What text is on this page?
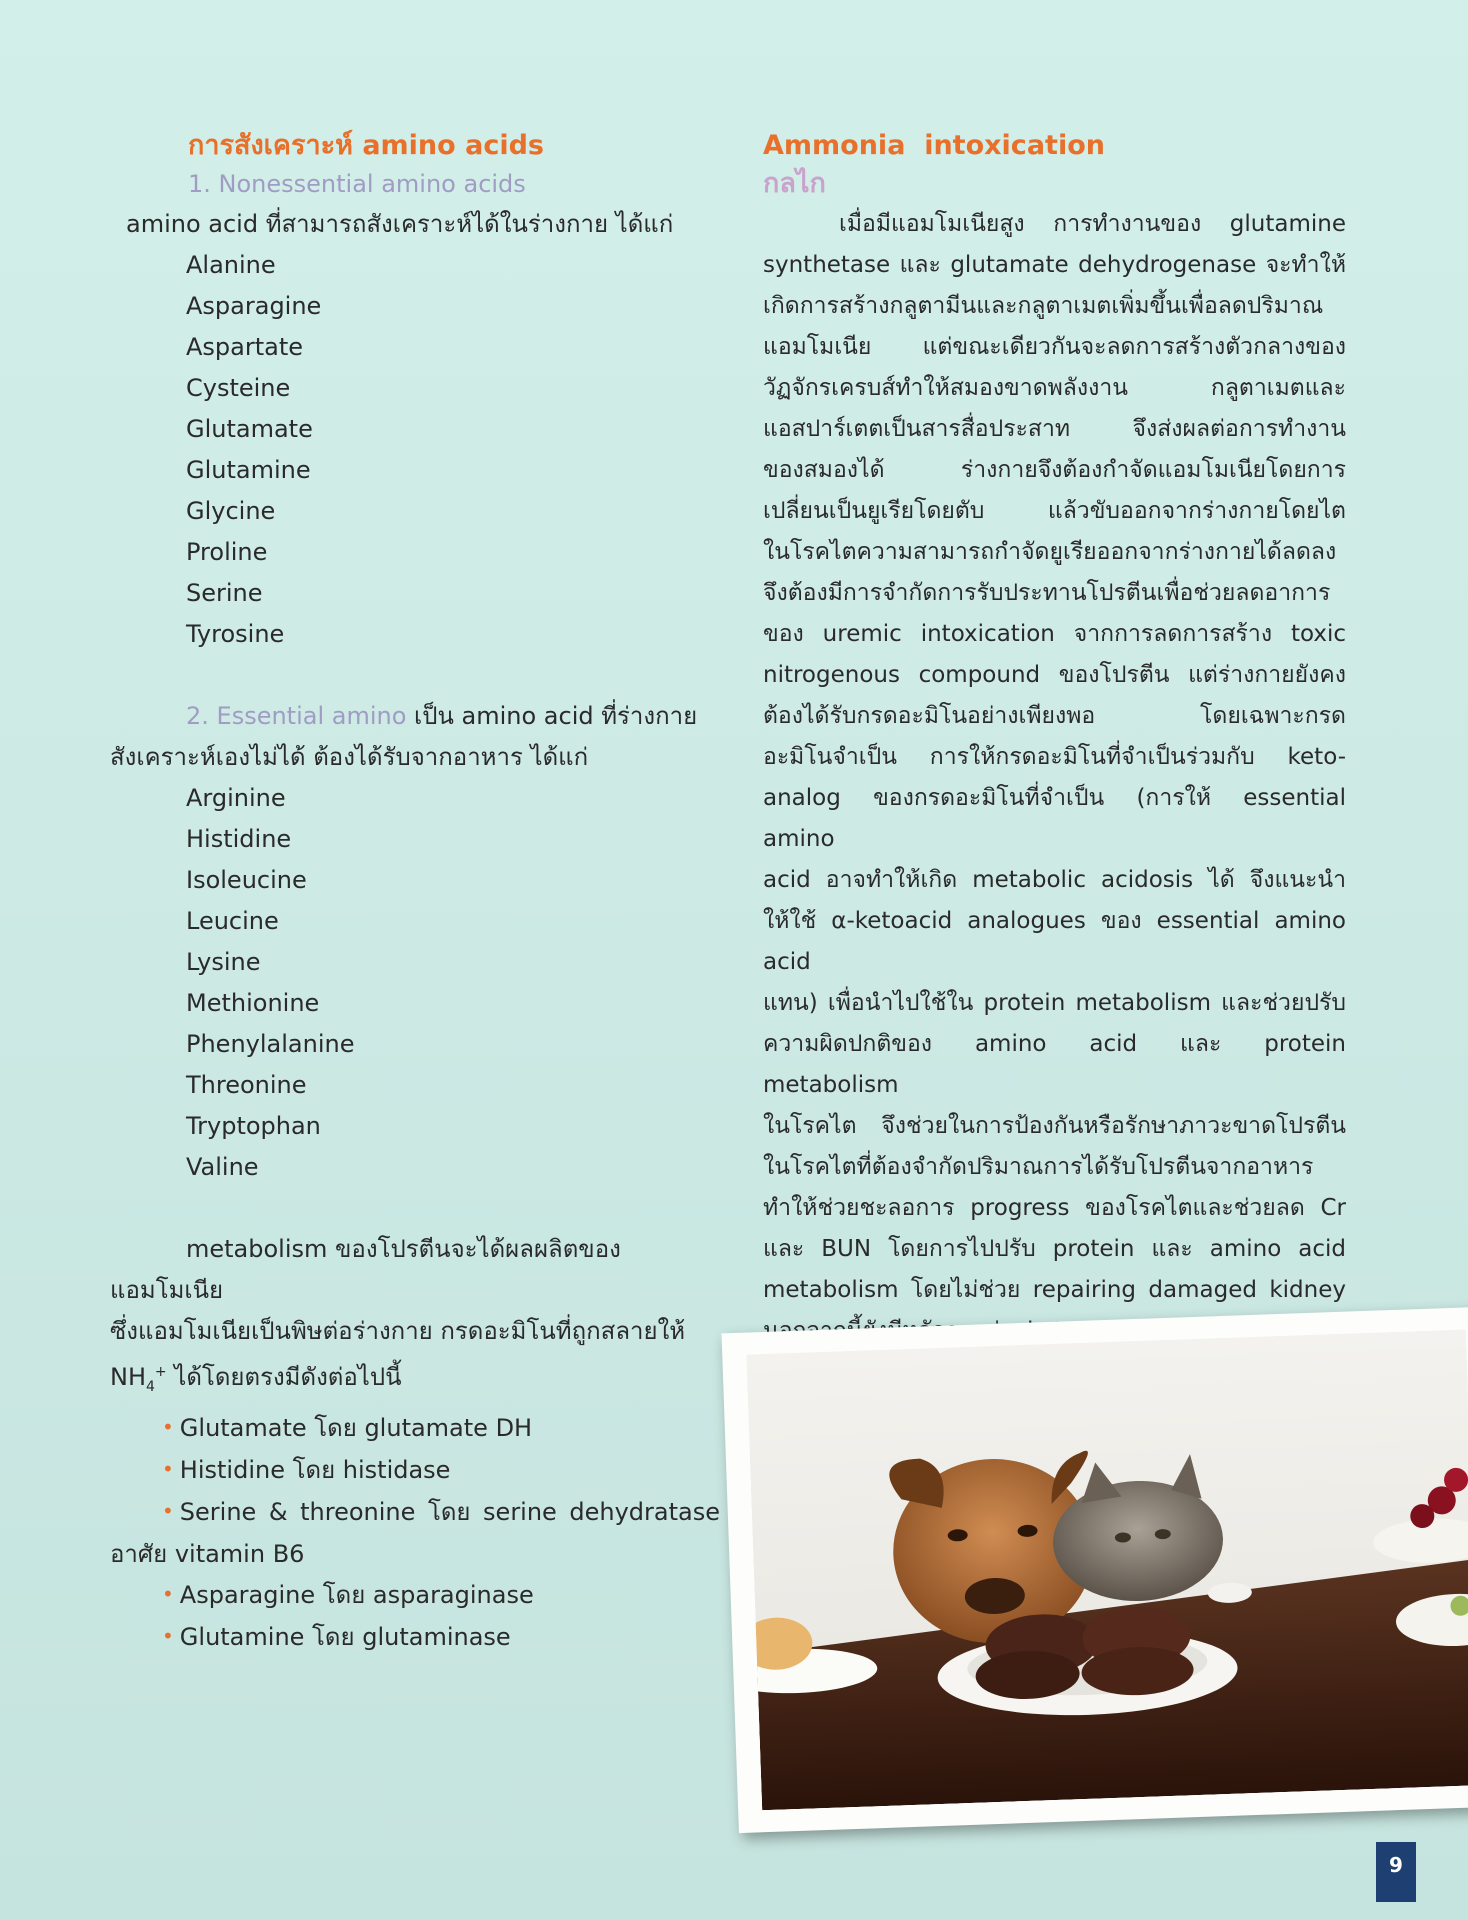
การสังเคราะห์ amino acids

1. Nonessential amino acids

amino acid ที่สามารถสังเคราะห์ได้ในร่างกาย ได้แก่

Alanine

Asparagine

Aspartate

Cysteine

Glutamate

Glutamine

Glycine

Proline

Serine

Tyrosine

2. Essential amino เป็น amino acid ที่ร่างกาย

สังเคราะห์เองไม่ได้ ต้องได้รับจากอาหาร ได้แก่

Arginine

Histidine

Isoleucine

Leucine

Lysine

Methionine

Phenylalanine

Threonine

Tryptophan

Valine

metabolism ของโปรตีนจะได้ผลผลิตของแอมโมเนีย

ซึ่งแอมโมเนียเป็นพิษต่อร่างกาย กรดอะมิโนที่ถูกสลายให้

$NH_4^+$ ได้โดยตรงมีดังต่อไปนี้

• Glutamate โดย glutamate DH

• Histidine โดย histidase

• Serine & threonine โดย serine dehydratase

อาศัย vitamin B6

• Asparagine โดย asparaginase

• Glutamine โดย glutaminase

Ammonia  intoxication

กลไก

เมื่อมีแอมโมเนียสูง การทำงานของ glutamine

synthetase และ glutamate dehydrogenase จะทำให้

เกิดการสร้างกลูตามีนและกลูตาเมตเพิ่มขึ้นเพื่อลดปริมาณ

แอมโมเนีย แต่ขณะเดียวกันจะลดการสร้างตัวกลางของ

วัฏจักรเครบส์ทำให้สมองขาดพลังงาน กลูตาเมตและ

แอสปาร์เตตเป็นสารสื่อประสาท จึงส่งผลต่อการทำงาน

ของสมองได้ ร่างกายจึงต้องกำจัดแอมโมเนียโดยการ

เปลี่ยนเป็นยูเรียโดยตับ แล้วขับออกจากร่างกายโดยไต

ในโรคไตความสามารถกำจัดยูเรียออกจากร่างกายได้ลดลง

จึงต้องมีการจำกัดการรับประทานโปรตีนเพื่อช่วยลดอาการ

ของ uremic intoxication จากการลดการสร้าง toxic

nitrogenous compound ของโปรตีน แต่ร่างกายยังคง

ต้องได้รับกรดอะมิโนอย่างเพียงพอ โดยเฉพาะกรด

อะมิโนจำเป็น การให้กรดอะมิโนที่จำเป็นร่วมกับ keto-

analog ของกรดอะมิโนที่จำเป็น (การให้ essential amino

acid อาจทำให้เกิด metabolic acidosis ได้ จึงแนะนำ

ให้ใช้ α-ketoacid analogues ของ essential amino acid

แทน) เพื่อนำไปใช้ใน protein metabolism และช่วยปรับ

ความผิดปกติของ amino acid และ protein metabolism

ในโรคไต จึงช่วยในการป้องกันหรือรักษาภาวะขาดโปรตีน

ในโรคไตที่ต้องจำกัดปริมาณการได้รับโปรตีนจากอาหาร

ทำให้ช่วยชะลอการ progress ของโรคไตและช่วยลด Cr

และ BUN โดยการไปปรับ protein และ amino acid

metabolism โดยไม่ช่วย repairing damaged kidney

9
